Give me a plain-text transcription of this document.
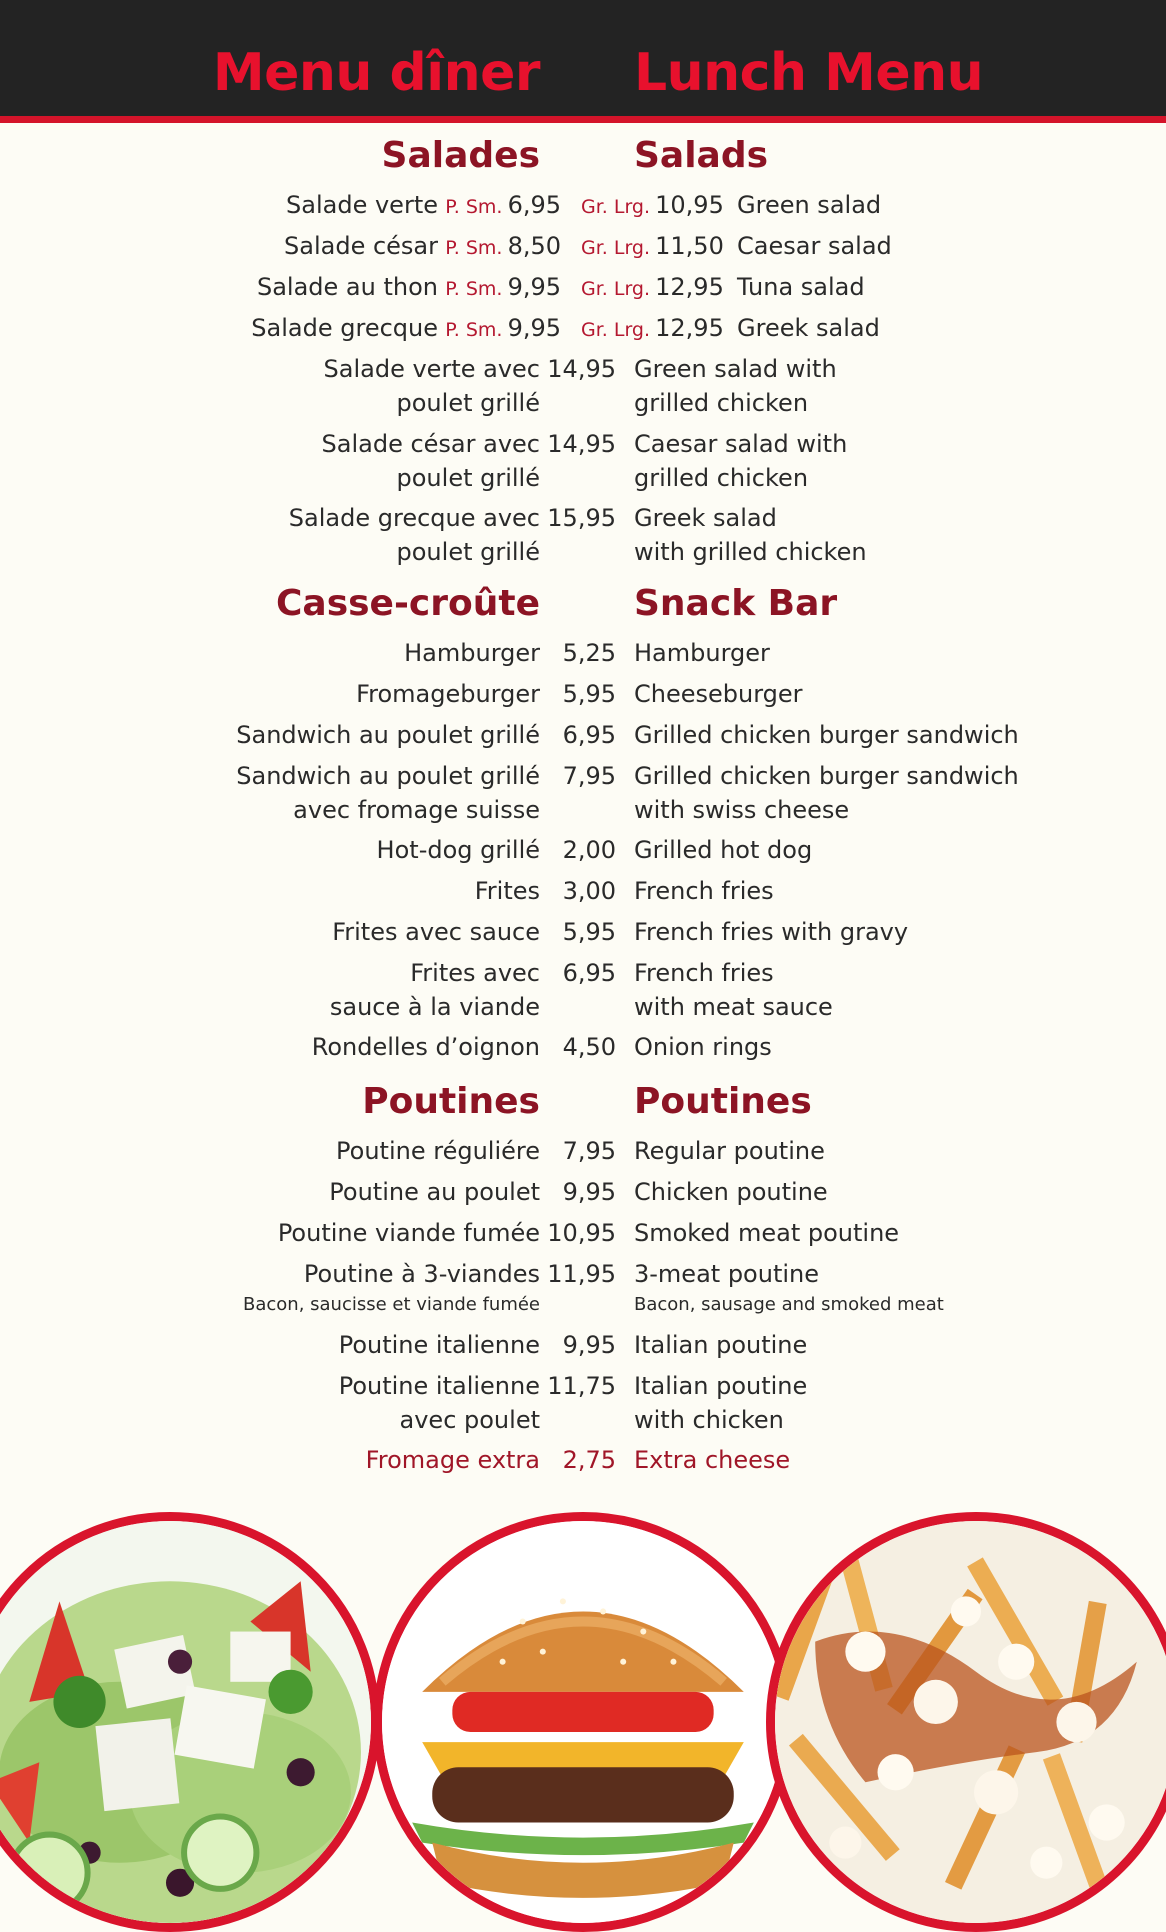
Menu dîner Lunch Menu
Salades	Salads
Salade verte P. Sm. 6,95 Gr. Lrg. 10,95 Green salad
Salade césar P. Sm. 8,50 Gr. Lrg. 11,50 Caesar salad
Salade au thon P. Sm. 9,95 Gr. Lrg. 12,95 Tuna salad
Salade grecque P. Sm. 9,95 Gr. Lrg. 12,95 Greek salad
Salade verte avec
poulet grillé
14,95 Green salad with
grilled chicken
Salade césar avec
poulet grillé
14,95 Caesar salad with
grilled chicken
Salade grecque avec
poulet grillé
15,95 Greek salad
with grilled chicken
Casse-croûte	Snack Bar
Hamburger 5,25 Hamburger
Fromageburger 5,95 Cheeseburger
Sandwich au poulet grillé 6,95 Grilled chicken burger sandwich
Sandwich au poulet grillé
avec fromage suisse
7,95 Grilled chicken burger sandwich
with swiss cheese
Hot-dog grillé 2,00 Grilled hot dog
Frites 3,00 French fries
Frites avec sauce 5,95 French fries with gravy
Frites avec
sauce à la viande
6,95 French fries
with meat sauce
Rondelles d’oignon 4,50 Onion rings
Poutines	Poutines
Poutine réguliére 7,95 Regular poutine
Poutine au poulet 9,95 Chicken poutine
Poutine viande fumée 10,95 Smoked meat poutine
Poutine à 3-viandes
Bacon, saucisse et viande fumée
11,95 3-meat poutine
Bacon, sausage and smoked meat
Poutine italienne 9,95 Italian poutine
Poutine italienne
avec poulet
11,75 Italian poutine
with chicken
Fromage extra 2,75 Extra cheese
